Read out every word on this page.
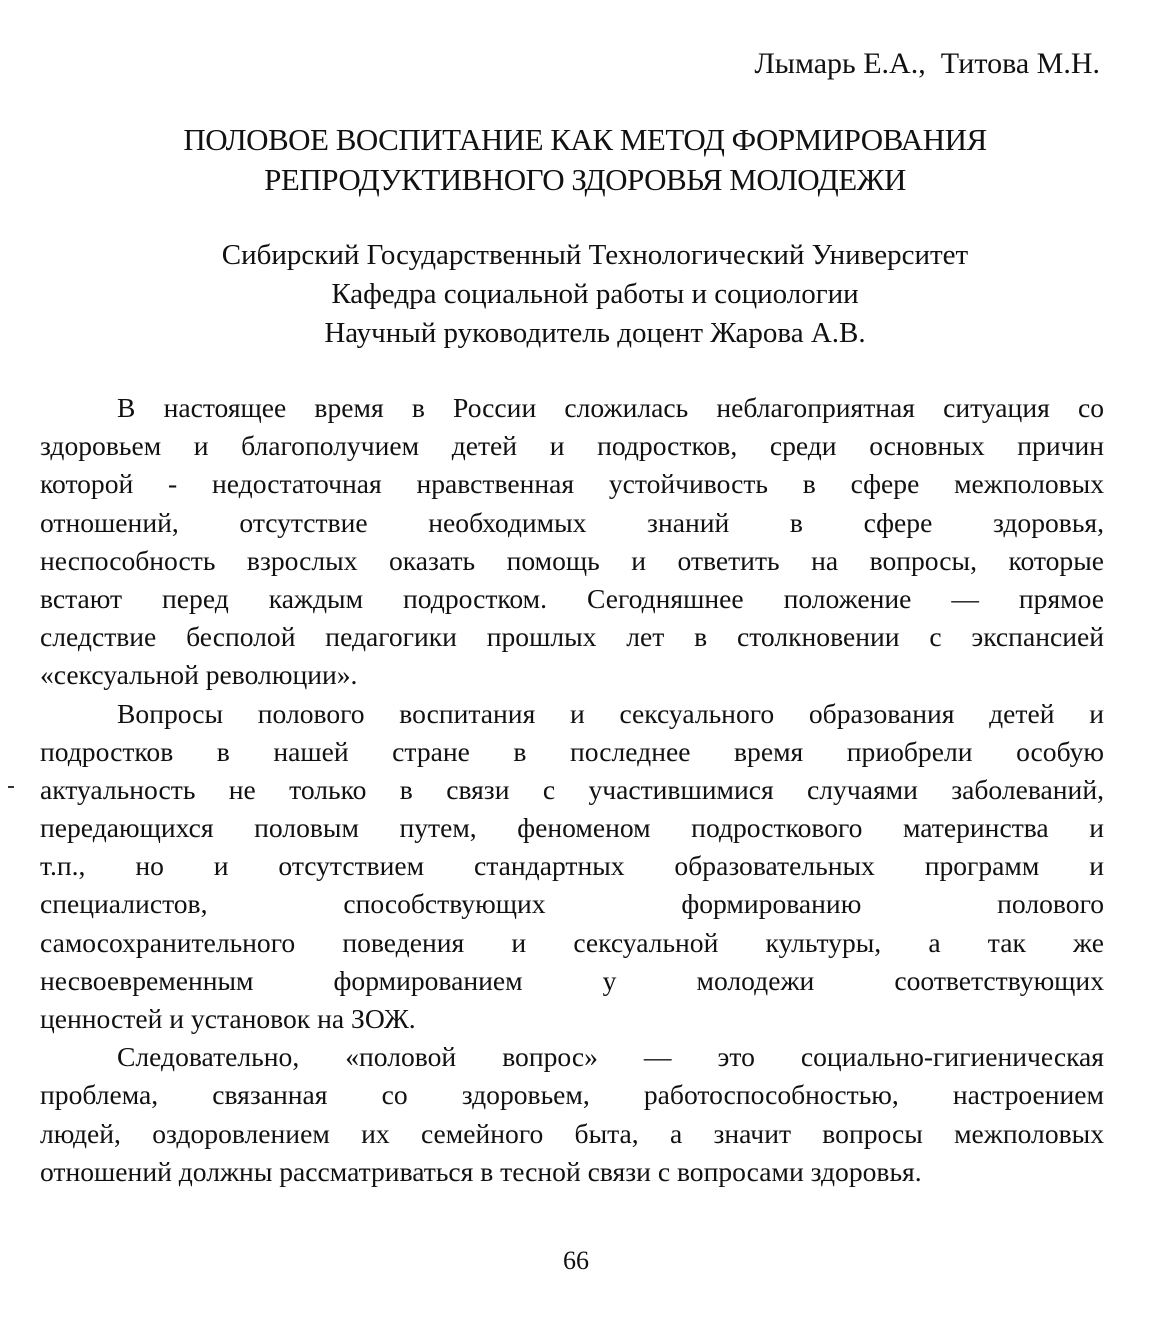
Лымарь Е.А.,  Титова М.Н.
ПОЛОВОЕ ВОСПИТАНИЕ КАК МЕТОД ФОРМИРОВАНИЯ
РЕПРОДУКТИВНОГО ЗДОРОВЬЯ МОЛОДЕЖИ
Сибирский Государственный Технологический Университет
Кафедра социальной работы и социологии
Научный руководитель доцент Жарова А.В.
В настоящее время в России сложилась неблагоприятная ситуация со
здоровьем и благополучием детей и подростков, среди основных причин
которой - недостаточная нравственная устойчивость в сфере межполовых
отношений, отсутствие необходимых знаний в сфере здоровья,
неспособность взрослых оказать помощь и ответить на вопросы, которые
встают перед каждым подростком. Сегодняшнее положение — прямое
следствие бесполой педагогики прошлых лет в столкновении с экспансией
«сексуальной революции».
Вопросы полового воспитания и сексуального образования детей и
подростков в нашей стране в последнее время приобрели особую
актуальность не только в связи с участившимися случаями заболеваний,
передающихся половым путем, феноменом подросткового материнства и
т.п., но и отсутствием стандартных образовательных программ и
специалистов, способствующих формированию полового
самосохранительного поведения и сексуальной культуры, а так же
несвоевременным формированием у молодежи соответствующих
ценностей и установок на ЗОЖ.
Следовательно, «половой вопрос» — это социально-гигиеническая
проблема, связанная со здоровьем, работоспособностью, настроением
людей, оздоровлением их семейного быта, а значит вопросы межполовых
отношений должны рассматриваться в тесной связи с вопросами здоровья.
66
